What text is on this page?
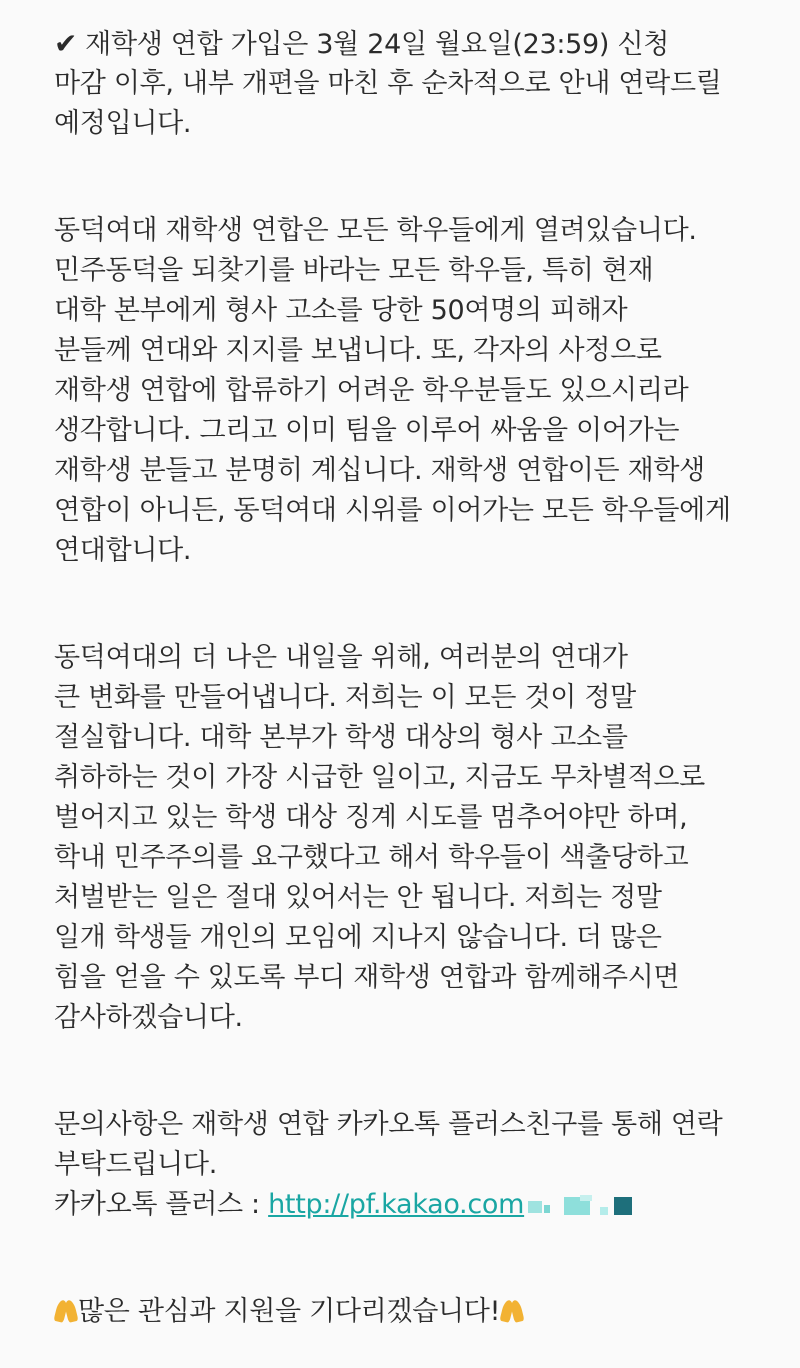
✔ 재학생 연합 가입은 3월 24일 월요일(23:59) 신청
마감 이후, 내부 개편을 마친 후 순차적으로 안내 연락드릴
예정입니다.
동덕여대 재학생 연합은 모든 학우들에게 열려있습니다.
민주동덕을 되찾기를 바라는 모든 학우들, 특히 현재
대학 본부에게 형사 고소를 당한 50여명의 피해자
분들께 연대와 지지를 보냅니다. 또, 각자의 사정으로
재학생 연합에 합류하기 어려운 학우분들도 있으시리라
생각합니다. 그리고 이미 팀을 이루어 싸움을 이어가는
재학생 분들고 분명히 계십니다. 재학생 연합이든 재학생
연합이 아니든, 동덕여대 시위를 이어가는 모든 학우들에게
연대합니다.
동덕여대의 더 나은 내일을 위해, 여러분의 연대가
큰 변화를 만들어냅니다. 저희는 이 모든 것이 정말
절실합니다. 대학 본부가 학생 대상의 형사 고소를
취하하는 것이 가장 시급한 일이고, 지금도 무차별적으로
벌어지고 있는 학생 대상 징계 시도를 멈추어야만 하며,
학내 민주주의를 요구했다고 해서 학우들이 색출당하고
처벌받는 일은 절대 있어서는 안 됩니다. 저희는 정말
일개 학생들 개인의 모임에 지나지 않습니다. 더 많은
힘을 얻을 수 있도록 부디 재학생 연합과 함께해주시면
감사하겠습니다.
문의사항은 재학생 연합 카카오톡 플러스친구를 통해 연락
부탁드립니다.
카카오톡 플러스 : http://pf.kakao.com
많은 관심과 지원을 기다리겠습니다!
